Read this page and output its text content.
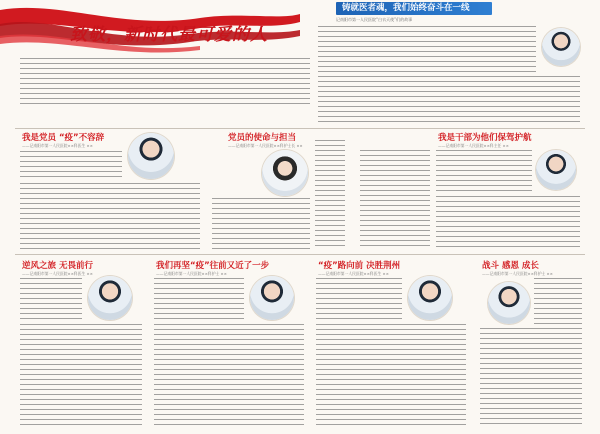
致敬，新时代最可爱的人
铸就医者魂，我们始终奋斗在一线
记南阳市第一人民医院“白衣天使”们的故事
我是党员 “疫”不容辞
——记南阳市第一人民医院××科医生 ××
党员的使命与担当
——记南阳市第一人民医院××科护士长 ××
我是干部为他们保驾护航
——记南阳市第一人民医院××科主任 ××
逆风之旅 无畏前行
——记南阳市第一人民医院××科医生 ××
我们再坚“疫”往前又近了一步
——记南阳市第一人民医院××科护士 ××
“疫”路向前 决胜荆州
——记南阳市第一人民医院××科医生 ××
战斗 感恩 成长
——记南阳市第一人民医院××科护士 ××
